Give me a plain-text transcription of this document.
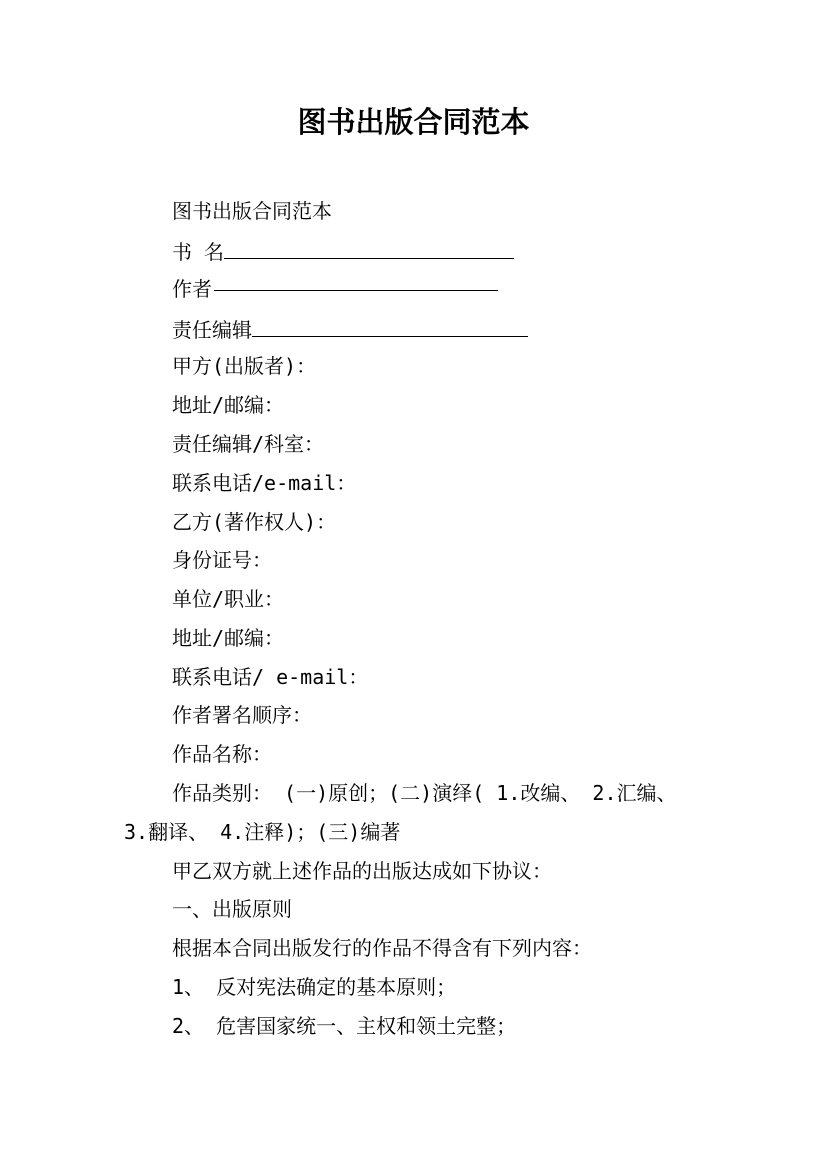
图书出版合同范本
图书出版合同范本
书 名
作者
责任编辑
甲方(出版者)：
地址/邮编：
责任编辑/科室：
联系电话/e-mail：
乙方(著作权人)：
身份证号：
单位/职业：
地址/邮编：
联系电话/ e-mail：
作者署名顺序：
作品名称：
作品类别： (一)原创；(二)演绎( 1.改编、 2.汇编、
3.翻译、 4.注释)；(三)编著
甲乙双方就上述作品的出版达成如下协议：
一、出版原则
根据本合同出版发行的作品不得含有下列内容：
1、 反对宪法确定的基本原则；
2、 危害国家统一、主权和领土完整；
